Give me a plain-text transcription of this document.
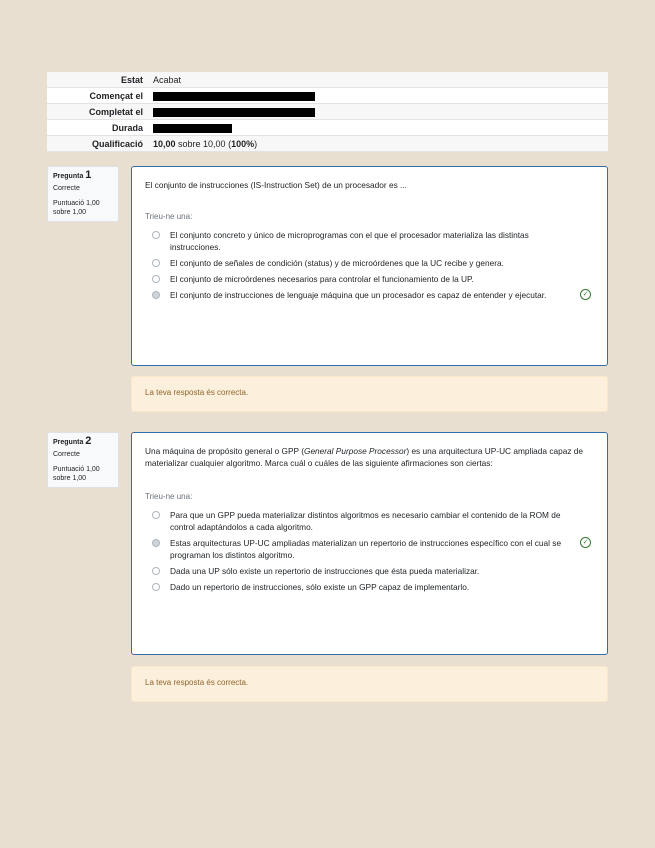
Estat	Acabat
Començat el	
Completat el	
Durada	
Qualificació	10,00 sobre 10,00 (100%)
Pregunta 1
Correcte
Puntuació 1,00 sobre 1,00
El conjunto de instrucciones (IS-Instruction Set) de un procesador es ...
Trieu-ne una:
El conjunto concreto y único de microprogramas con el que el procesador materializa las distintas instrucciones.
El conjunto de señales de condición (status) y de microórdenes que la UC recibe y genera.
El conjunto de microórdenes necesarios para controlar el funcionamiento de la UP.
El conjunto de instrucciones de lenguaje máquina que un procesador es capaz de entender y ejecutar.	✓
La teva resposta és correcta.
Pregunta 2
Correcte
Puntuació 1,00 sobre 1,00
Una máquina de propósito general o GPP (General Purpose Processor) es una arquitectura UP-UC ampliada capaz de materializar cualquier algoritmo. Marca cuál o cuáles de las siguiente afirmaciones son ciertas:
Trieu-ne una:
Para que un GPP pueda materializar distintos algoritmos es necesario cambiar el contenido de la ROM de control adaptándolos a cada algoritmo.
Estas arquitecturas UP-UC ampliadas materializan un repertorio de instrucciones específico con el cual se programan los distintos algoritmo.
✓
Dada una UP sólo existe un repertorio de instrucciones que ésta pueda materializar.
Dado un repertorio de instrucciones, sólo existe un GPP capaz de implementarlo.
La teva resposta és correcta.
